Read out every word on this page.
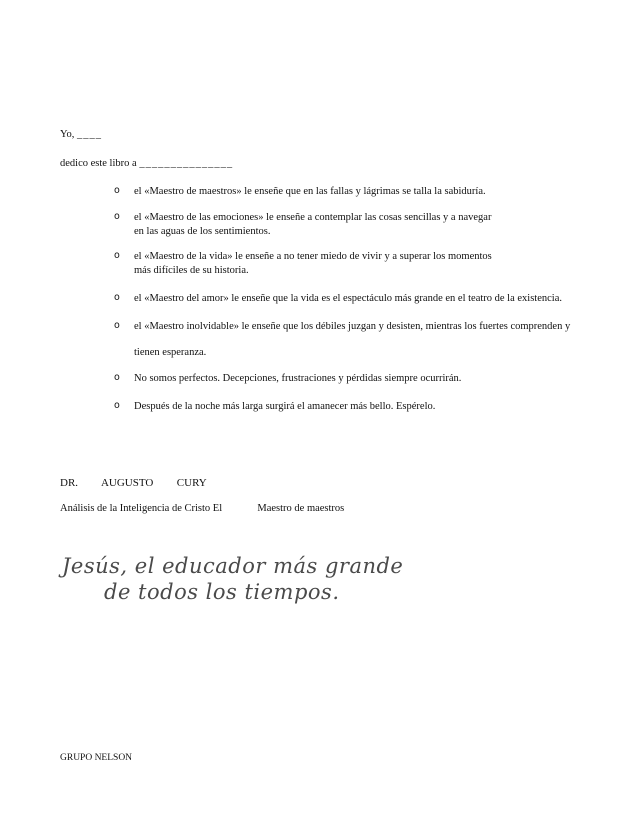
Yo, ____
dedico este libro a _______________
o el «Maestro de maestros» le enseñe que en las fallas y lágrimas se talla la sabiduría.
o el «Maestro de las emociones» le enseñe a contemplar las cosas sencillas y a navegar
en las aguas de los sentimientos.
o el «Maestro de la vida» le enseñe a no tener miedo de vivir y a superar los momentos
más difíciles de su historia.
o el «Maestro del amor» le enseñe que la vida es el espectáculo más grande en el teatro de la existencia.
o el «Maestro inolvidable» le enseñe que los débiles juzgan y desisten, mientras los fuertes comprenden y
tienen esperanza.
o No somos perfectos. Decepciones, frustraciones y pérdidas siempre ocurrirán.
o Después de la noche más larga surgirá el amanecer más bello. Espérelo.
DR. AUGUSTO CURY
Análisis de la Inteligencia de Cristo El	Maestro de maestros
Jesús, el educador más grande
de todos los tiempos.
GRUPO NELSON
